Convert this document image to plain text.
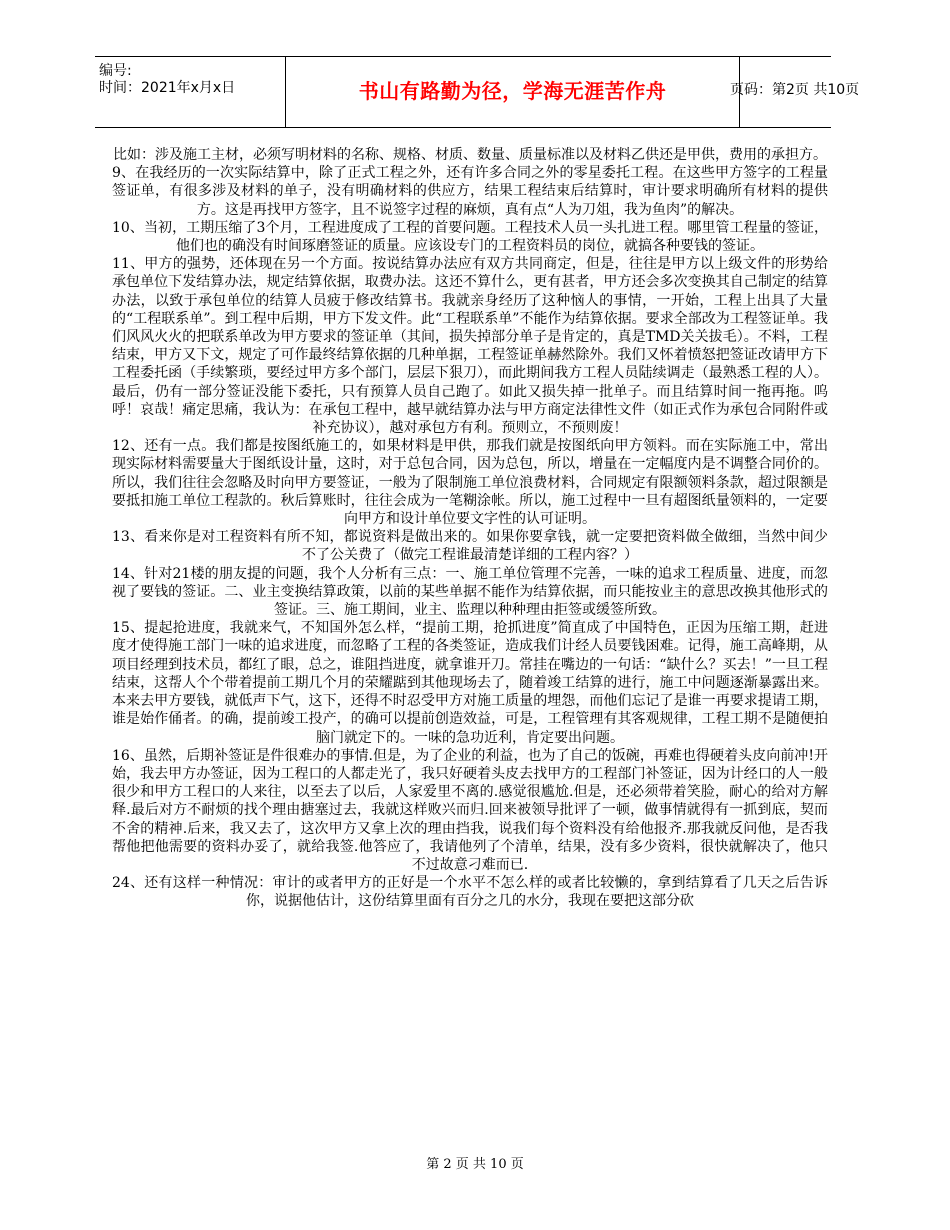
编号:
时间：2021年x月x日	书山有路勤为径，学海无涯苦作舟	页码：第2页 共10页

比如：涉及施工主材，必须写明材料的名称、规格、材质、数量、质量标准以及材料乙供还是甲供，费用的承担方。

9、在我经历的一次实际结算中，除了正式工程之外，还有许多合同之外的零星委托工程。在这些甲方签字的工程量签证单，有很多涉及材料的单子，没有明确材料的供应方，结果工程结束后结算时，审计要求明确所有材料的提供方。这是再找甲方签字，且不说签字过程的麻烦，真有点“人为刀俎，我为鱼肉”的解决。

10、当初，工期压缩了3个月，工程进度成了工程的首要问题。工程技术人员一头扎进工程。哪里管工程量的签证，他们也的确没有时间琢磨签证的质量。应该设专门的工程资料员的岗位，就搞各种要钱的签证。

11、甲方的强势，还体现在另一个方面。按说结算办法应有双方共同商定，但是，往往是甲方以上级文件的形势给承包单位下发结算办法，规定结算依据，取费办法。这还不算什么，更有甚者，甲方还会多次变换其自己制定的结算办法，以致于承包单位的结算人员疲于修改结算书。我就亲身经历了这种恼人的事情，一开始，工程上出具了大量的“工程联系单”。到工程中后期，甲方下发文件。此“工程联系单”不能作为结算依据。要求全部改为工程签证单。我们风风火火的把联系单改为甲方要求的签证单（其间，损失掉部分单子是肯定的，真是TMD关关拔毛）。不料，工程结束，甲方又下文，规定了可作最终结算依据的几种单据，工程签证单赫然除外。我们又怀着愤怒把签证改请甲方下工程委托函（手续繁琐，要经过甲方多个部门，层层下狠刀），而此期间我方工程人员陆续调走（最熟悉工程的人）。最后，仍有一部分签证没能下委托，只有预算人员自己跑了。如此又损失掉一批单子。而且结算时间一拖再拖。呜呼！哀哉！痛定思痛，我认为：在承包工程中，越早就结算办法与甲方商定法律性文件（如正式作为承包合同附件或补充协议），越对承包方有利。预则立，不预则废！

12、还有一点。我们都是按图纸施工的，如果材料是甲供，那我们就是按图纸向甲方领料。而在实际施工中，常出现实际材料需要量大于图纸设计量，这时，对于总包合同，因为总包，所以，增量在一定幅度内是不调整合同价的。所以，我们往往会忽略及时向甲方要签证，一般为了限制施工单位浪费材料，合同规定有限额领料条款，超过限额是要抵扣施工单位工程款的。秋后算账时，往往会成为一笔糊涂帐。所以，施工过程中一旦有超图纸量领料的，一定要向甲方和设计单位要文字性的认可证明。

13、看来你是对工程资料有所不知，都说资料是做出来的。如果你要拿钱，就一定要把资料做全做细，当然中间少不了公关费了（做完工程谁最清楚详细的工程内容？）

14、针对21楼的朋友提的问题，我个人分析有三点：一、施工单位管理不完善，一味的追求工程质量、进度，而忽视了要钱的签证。二、业主变换结算政策，以前的某些单据不能作为结算依据，而只能按业主的意思改换其他形式的签证。三、施工期间，业主、监理以种种理由拒签或缓签所致。

15、提起抢进度，我就来气，不知国外怎么样，“提前工期，抢抓进度”简直成了中国特色，正因为压缩工期，赶进度才使得施工部门一味的追求进度，而忽略了工程的各类签证，造成我们计经人员要钱困难。记得，施工高峰期，从项目经理到技术员，都红了眼，总之，谁阻挡进度，就拿谁开刀。常挂在嘴边的一句话：“缺什么？买去！”一旦工程结束，这帮人个个带着提前工期几个月的荣耀踮到其他现场去了，随着竣工结算的进行，施工中问题逐渐暴露出来。本来去甲方要钱，就低声下气，这下，还得不时忍受甲方对施工质量的埋怨，而他们忘记了是谁一再要求提请工期，谁是始作俑者。的确，提前竣工投产，的确可以提前创造效益，可是，工程管理有其客观规律，工程工期不是随便拍脑门就定下的。一味的急功近利，肯定要出问题。

16、虽然，后期补签证是件很难办的事情.但是，为了企业的利益，也为了自己的饭碗，再难也得硬着头皮向前冲!开始，我去甲方办签证，因为工程口的人都走光了，我只好硬着头皮去找甲方的工程部门补签证，因为计经口的人一般很少和甲方工程口的人来往，以至去了以后，人家爱里不离的.感觉很尴尬.但是，还必须带着笑脸，耐心的给对方解释.最后对方不耐烦的找个理由搪塞过去，我就这样败兴而归.回来被领导批评了一顿，做事情就得有一抓到底，契而不舍的精神.后来，我又去了，这次甲方又拿上次的理由挡我，说我们每个资料没有给他报齐.那我就反问他，是否我帮他把他需要的资料办妥了，就给我签.他答应了，我请他列了个清单，结果，没有多少资料，很快就解决了，他只不过故意刁难而已.

24、还有这样一种情况：审计的或者甲方的正好是一个水平不怎么样的或者比较懒的，拿到结算看了几天之后告诉你，说据他估计，这份结算里面有百分之几的水分，我现在要把这部分砍

第 2 页 共 10 页
